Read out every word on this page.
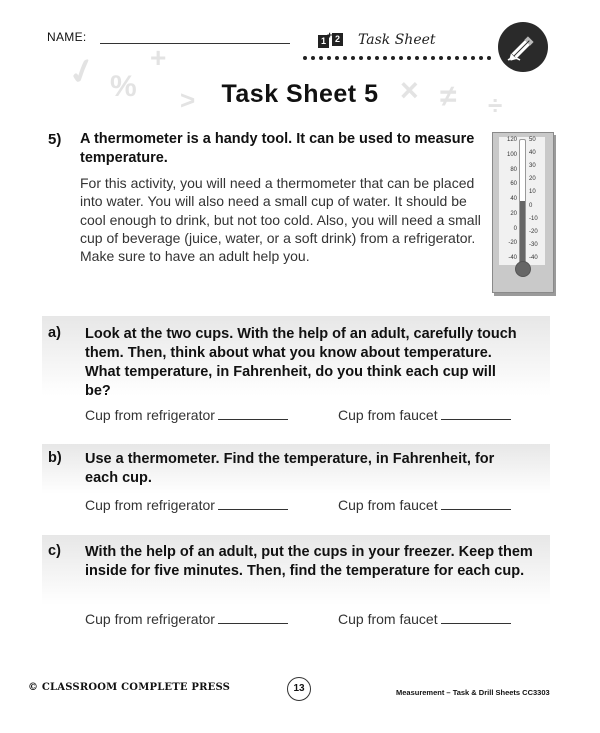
✓ %
+
>	× ≠ ÷
NAME:	1
+ 2 Task Sheet
Task Sheet 5
5) A thermometer is a handy tool. It can be used to measure temperature.
For this activity, you will need a thermometer that can be placed into water. You will also need a small cup of water. It should be cool enough to drink, but not too cold. Also, you will need a small cup of beverage (juice, water, or a soft drink) from a refrigerator. Make sure to have an adult help you.
120
100
80
60
40
20
0
-20
-40
50
40
30
20
10
0
-10
-20
-30
-40
a) Look at the two cups. With the help of an adult, carefully touch them. Then, think about what you know about temperature. What temperature, in Fahrenheit, do you think each cup will be?
Cup from refrigerator	Cup from faucet
b) Use a thermometer. Find the temperature, in Fahrenheit, for each cup.
Cup from refrigerator	Cup from faucet
c) With the help of an adult, put the cups in your freezer. Keep them inside for five minutes. Then, find the temperature for each cup.
Cup from refrigerator	Cup from faucet
© CLASSROOM COMPLETE PRESS	13	Measurement – Task & Drill Sheets CC3303
